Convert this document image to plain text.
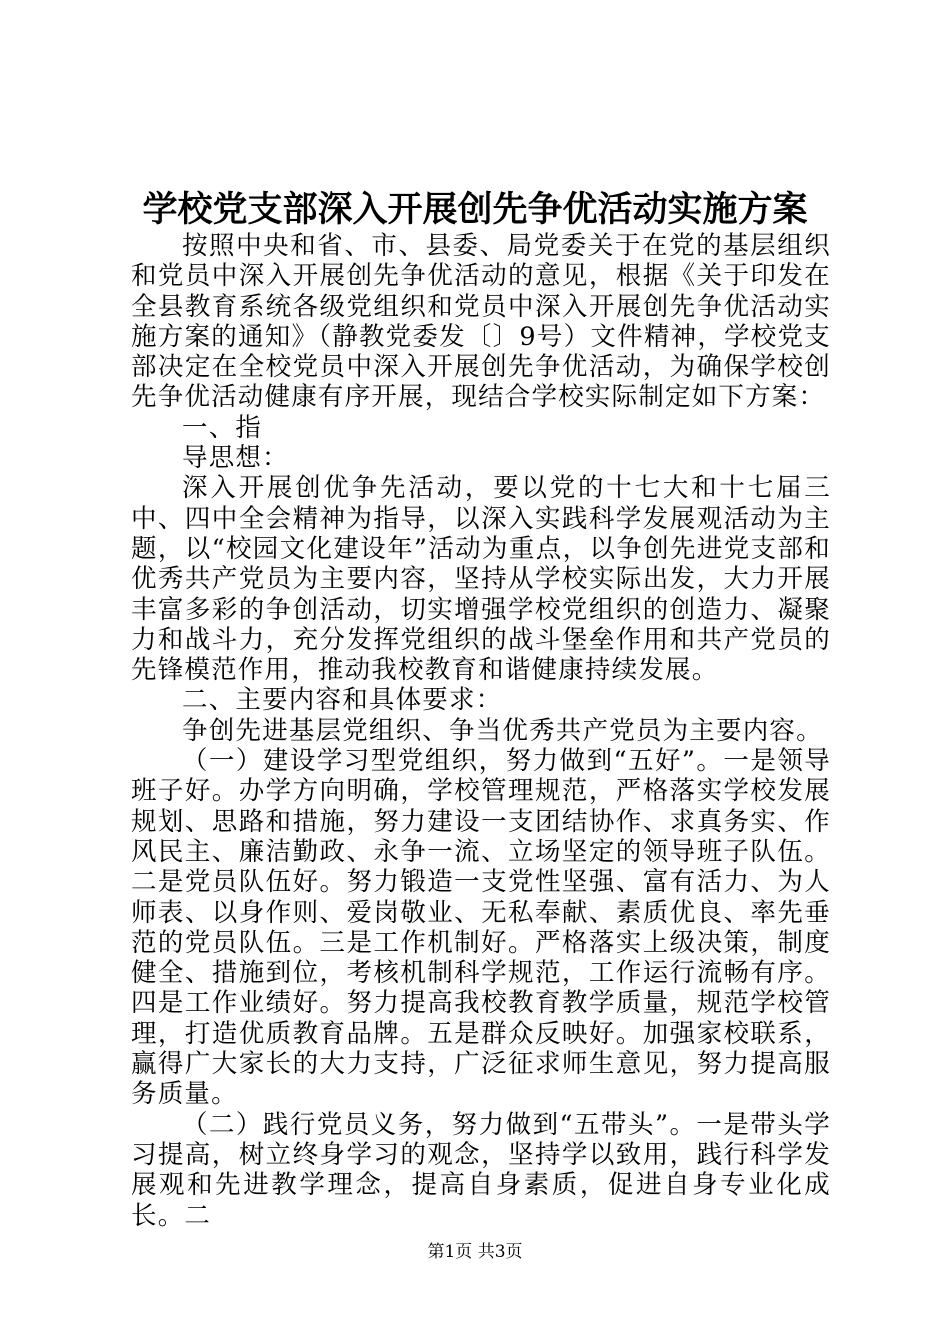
学校党支部深入开展创先争优活动实施方案

按照中央和省、市、县委、局党委关于在党的基层组织和党员中深入开展创先争优活动的意见，根据《关于印发在全县教育系统各级党组织和党员中深入开展创先争优活动实施方案的通知》（静教党委发〔〕9号）文件精神，学校党支部决定在全校党员中深入开展创先争优活动，为确保学校创先争优活动健康有序开展，现结合学校实际制定如下方案：

一、指

导思想：

深入开展创优争先活动，要以党的十七大和十七届三中、四中全会精神为指导，以深入实践科学发展观活动为主题，以“校园文化建设年”活动为重点，以争创先进党支部和优秀共产党员为主要内容，坚持从学校实际出发，大力开展丰富多彩的争创活动，切实增强学校党组织的创造力、凝聚力和战斗力，充分发挥党组织的战斗堡垒作用和共产党员的先锋模范作用，推动我校教育和谐健康持续发展。

二、主要内容和具体要求：

争创先进基层党组织、争当优秀共产党员为主要内容。

（一）建设学习型党组织，努力做到“五好”。一是领导班子好。办学方向明确，学校管理规范，严格落实学校发展规划、思路和措施，努力建设一支团结协作、求真务实、作风民主、廉洁勤政、永争一流、立场坚定的领导班子队伍。二是党员队伍好。努力锻造一支党性坚强、富有活力、为人师表、以身作则、爱岗敬业、无私奉献、素质优良、率先垂范的党员队伍。三是工作机制好。严格落实上级决策，制度健全、措施到位，考核机制科学规范，工作运行流畅有序。四是工作业绩好。努力提高我校教育教学质量，规范学校管理，打造优质教育品牌。五是群众反映好。加强家校联系，赢得广大家长的大力支持，广泛征求师生意见，努力提高服务质量。

（二）践行党员义务，努力做到“五带头”。一是带头学习提高，树立终身学习的观念，坚持学以致用，践行科学发展观和先进教学理念，提高自身素质，促进自身专业化成长。二

第1页 共3页
